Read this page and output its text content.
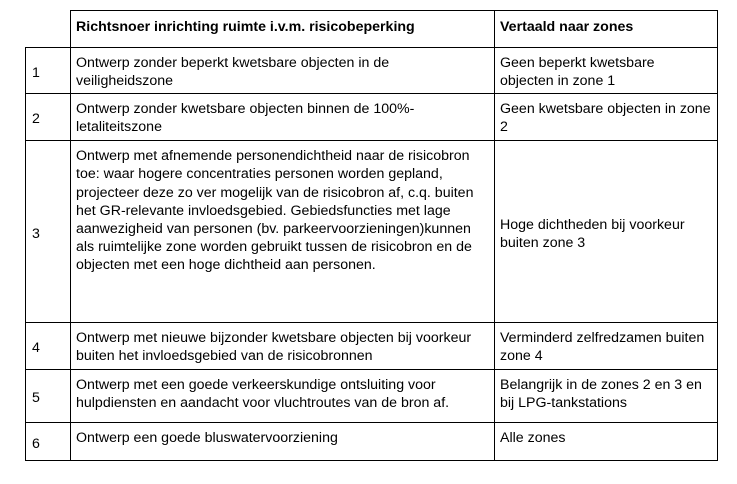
	Richtsnoer inrichting ruimte i.v.m. risicobeperking	Vertaald naar zones
1	Ontwerp zonder beperkt kwetsbare objecten in de veiligheidszone	Geen beperkt kwetsbare objecten in zone 1
2	Ontwerp zonder kwetsbare objecten binnen de 100%-letaliteitszone	Geen kwetsbare objecten in zone 2
3	Ontwerp met afnemende personendichtheid naar de risicobron toe: waar hogere concentraties personen worden gepland, projecteer deze zo ver mogelijk van de risicobron af, c.q. buiten het GR-relevante invloedsgebied. Gebiedsfuncties met lage aanwezigheid van personen (bv. parkeervoorzieningen)kunnen als ruimtelijke zone worden gebruikt tussen de risicobron en de objecten met een hoge dichtheid aan personen.	Hoge dichtheden bij voorkeur buiten zone 3
4	Ontwerp met nieuwe bijzonder kwetsbare objecten bij voorkeur buiten het invloedsgebied van de risicobronnen	Verminderd zelfredzamen buiten zone 4
5	Ontwerp met een goede verkeerskundige ontsluiting voor hulpdiensten en aandacht voor vluchtroutes van de bron af.	Belangrijk in de zones 2 en 3 en bij LPG-tankstations
6	Ontwerp een goede bluswatervoorziening	Alle zones
